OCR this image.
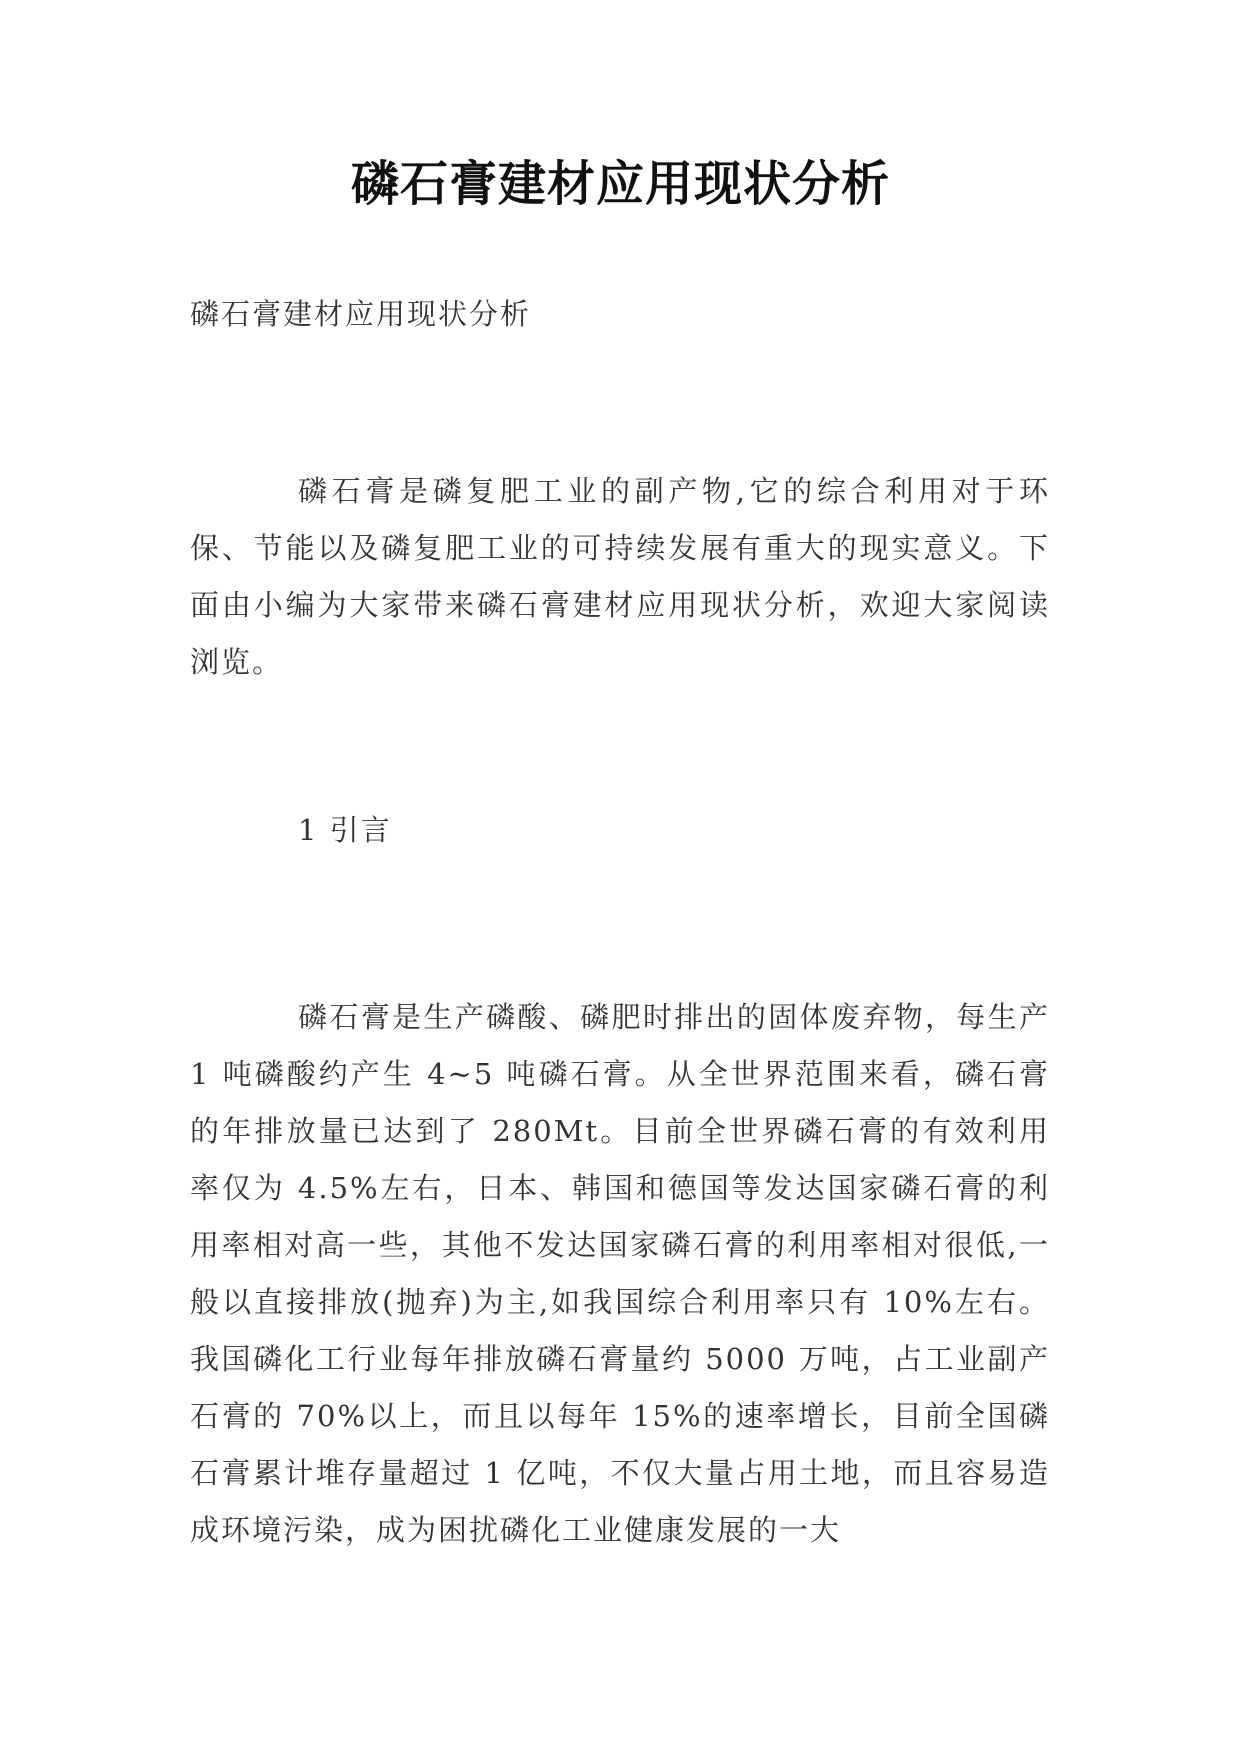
磷石膏建材应用现状分析
磷石膏建材应用现状分析
磷石膏是磷复肥工业的副产物,它的综合利用对于环保、节能以及磷复肥工业的可持续发展有重大的现实意义。下面由小编为大家带来磷石膏建材应用现状分析，欢迎大家阅读浏览。
1 引言
磷石膏是生产磷酸、磷肥时排出的固体废弃物，每生产 1 吨磷酸约产生 4~5 吨磷石膏。从全世界范围来看，磷石膏的年排放量已达到了 280Mt。目前全世界磷石膏的有效利用率仅为 4.5%左右，日本、韩国和德国等发达国家磷石膏的利用率相对高一些，其他不发达国家磷石膏的利用率相对很低,一般以直接排放(抛弃)为主,如我国综合利用率只有 10%左右。我国磷化工行业每年排放磷石膏量约 5000 万吨，占工业副产石膏的 70%以上，而且以每年 15%的速率增长，目前全国磷石膏累计堆存量超过 1 亿吨，不仅大量占用土地，而且容易造成环境污染，成为困扰磷化工业健康发展的一大
